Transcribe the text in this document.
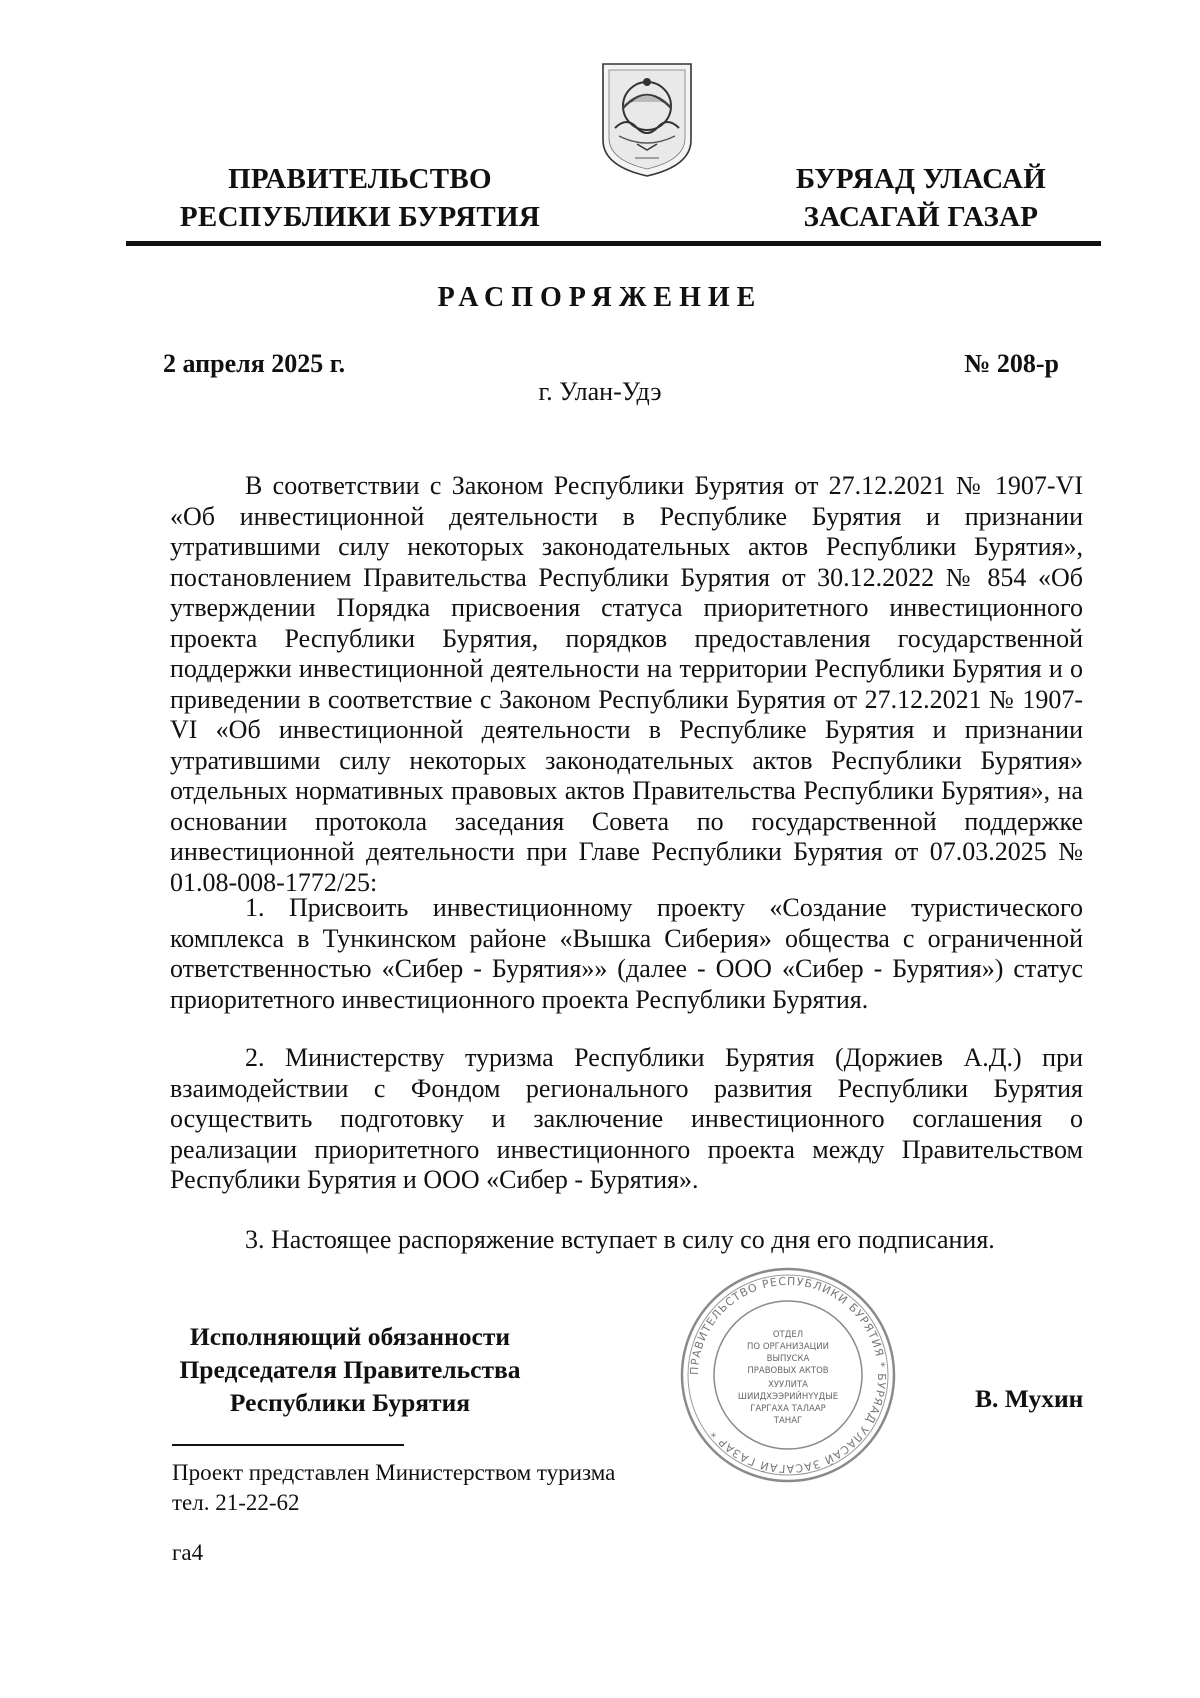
ПРАВИТЕЛЬСТВО
РЕСПУБЛИКИ БУРЯТИЯ
БУРЯАД УЛАСАЙ
ЗАСАГАЙ ГАЗАР
РАСПОРЯЖЕНИЕ
2 апреля 2025 г.	№ 208-р
г. Улан-Удэ

В соответствии с Законом Республики Бурятия от 27.12.2021 № 1907-VI «Об инвестиционной деятельности в Республике Бурятия и признании утратившими силу некоторых законодательных актов Республики Бурятия», постановлением Правительства Республики Бурятия от 30.12.2022 № 854 «Об утверждении Порядка присвоения статуса приоритетного инвестиционного проекта Республики Бурятия, порядков предоставления государственной поддержки инвестиционной деятельности на территории Республики Бурятия и о приведении в соответствие с Законом Республики Бурятия от 27.12.2021 № 1907-VI «Об инвестиционной деятельности в Республике Бурятия и признании утратившими силу некоторых законодательных актов Республики Бурятия» отдельных нормативных правовых актов Правительства Республики Бурятия», на основании протокола заседания Совета по государственной поддержке инвестиционной деятельности при Главе Республики Бурятия от 07.03.2025 № 01.08-008-1772/25:

1. Присвоить инвестиционному проекту «Создание туристического комплекса в Тункинском районе «Вышка Сиберия» общества с ограниченной ответственностью «Сибер - Бурятия»» (далее - ООО «Сибер - Бурятия») статус приоритетного инвестиционного проекта Республики Бурятия.

2. Министерству туризма Республики Бурятия (Доржиев А.Д.) при взаимодействии с Фондом регионального развития Республики Бурятия осуществить подготовку и заключение инвестиционного соглашения о реализации приоритетного инвестиционного проекта между Правительством Республики Бурятия и ООО «Сибер - Бурятия».

3. Настоящее распоряжение вступает в силу со дня его подписания.

Исполняющий обязанности
Председателя Правительства
Республики Бурятия
ПРАВИТЕЛЬСТВО РЕСПУБЛИКИ БУРЯТИЯ * БУРЯАД УЛАСАЙ ЗАСАГАЙ ГАЗАР *
ОТДЕЛ
ПО ОРГАНИЗАЦИИ
ВЫПУСКА
ПРАВОВЫХ АКТОВ
ХУУЛИТА
ШИИДХЭЭРИЙНҮҮДЫЕ
ГАРГАХА ТАЛААР
ТАНАГ
В. Мухин
Проект представлен Министерством туризма
тел. 21-22-62
га4
